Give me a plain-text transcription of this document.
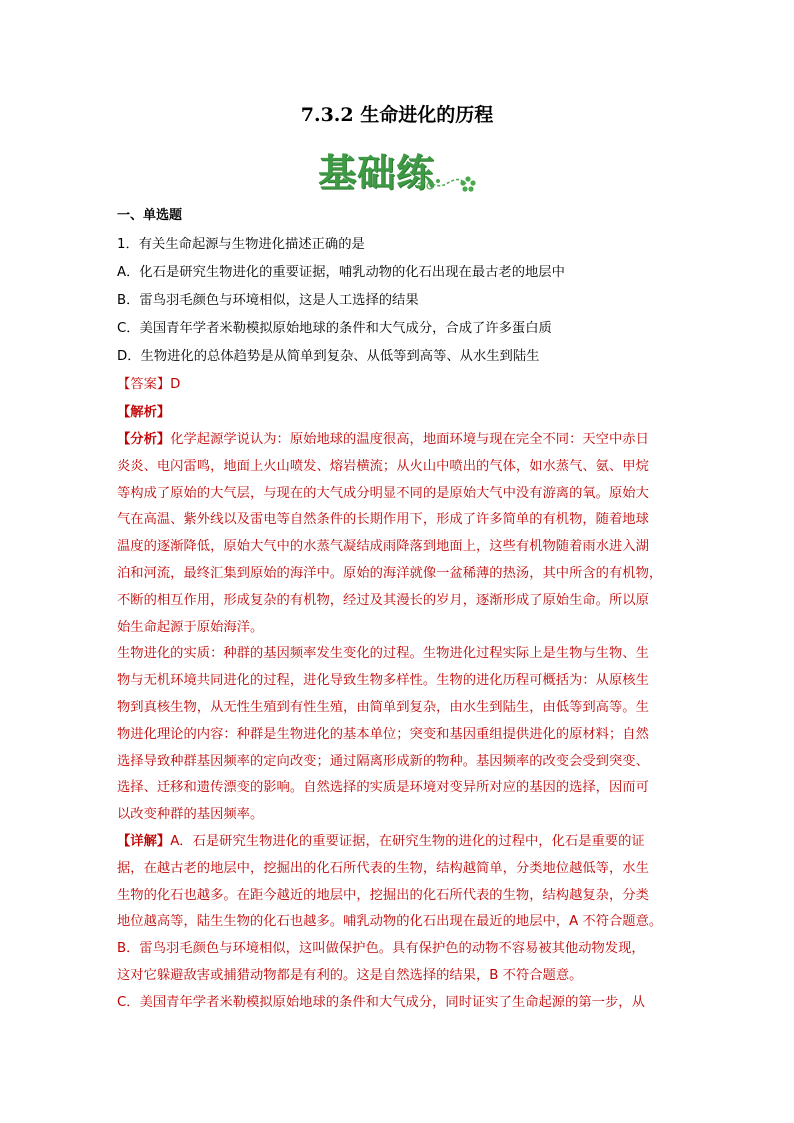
7.3.2 生命进化的历程
基础练
一、单选题
1．有关生命起源与生物进化描述正确的是
A．化石是研究生物进化的重要证据，哺乳动物的化石出现在最古老的地层中
B．雷鸟羽毛颜色与环境相似，这是人工选择的结果
C．美国青年学者米勒模拟原始地球的条件和大气成分，合成了许多蛋白质
D．生物进化的总体趋势是从简单到复杂、从低等到高等、从水生到陆生
【答案】D
【解析】
【分析】化学起源学说认为：原始地球的温度很高，地面环境与现在完全不同：天空中赤日
炎炎、电闪雷鸣，地面上火山喷发、熔岩横流；从火山中喷出的气体，如水蒸气、氨、甲烷
等构成了原始的大气层，与现在的大气成分明显不同的是原始大气中没有游离的氧。原始大
气在高温、紫外线以及雷电等自然条件的长期作用下，形成了许多简单的有机物，随着地球
温度的逐渐降低，原始大气中的水蒸气凝结成雨降落到地面上，这些有机物随着雨水进入湖
泊和河流，最终汇集到原始的海洋中。原始的海洋就像一盆稀薄的热汤，其中所含的有机物，
不断的相互作用，形成复杂的有机物，经过及其漫长的岁月，逐渐形成了原始生命。所以原
始生命起源于原始海洋。
生物进化的实质：种群的基因频率发生变化的过程。生物进化过程实际上是生物与生物、生
物与无机环境共同进化的过程，进化导致生物多样性。生物的进化历程可概括为：从原核生
物到真核生物，从无性生殖到有性生殖，由简单到复杂，由水生到陆生，由低等到高等。生
物进化理论的内容：种群是生物进化的基本单位；突变和基因重组提供进化的原材料；自然
选择导致种群基因频率的定向改变；通过隔离形成新的物种。基因频率的改变会受到突变、
选择、迁移和遗传漂变的影响。自然选择的实质是环境对变异所对应的基因的选择，因而可
以改变种群的基因频率。
【详解】A．石是研究生物进化的重要证据，在研究生物的进化的过程中，化石是重要的证
据，在越古老的地层中，挖掘出的化石所代表的生物，结构越简单，分类地位越低等，水生
生物的化石也越多。在距今越近的地层中，挖掘出的化石所代表的生物，结构越复杂，分类
地位越高等，陆生生物的化石也越多。哺乳动物的化石出现在最近的地层中，A 不符合题意。
B．雷鸟羽毛颜色与环境相似，这叫做保护色。具有保护色的动物不容易被其他动物发现，
这对它躲避敌害或捕猎动物都是有利的。这是自然选择的结果，B 不符合题意。
C．美国青年学者米勒模拟原始地球的条件和大气成分，同时证实了生命起源的第一步，从
